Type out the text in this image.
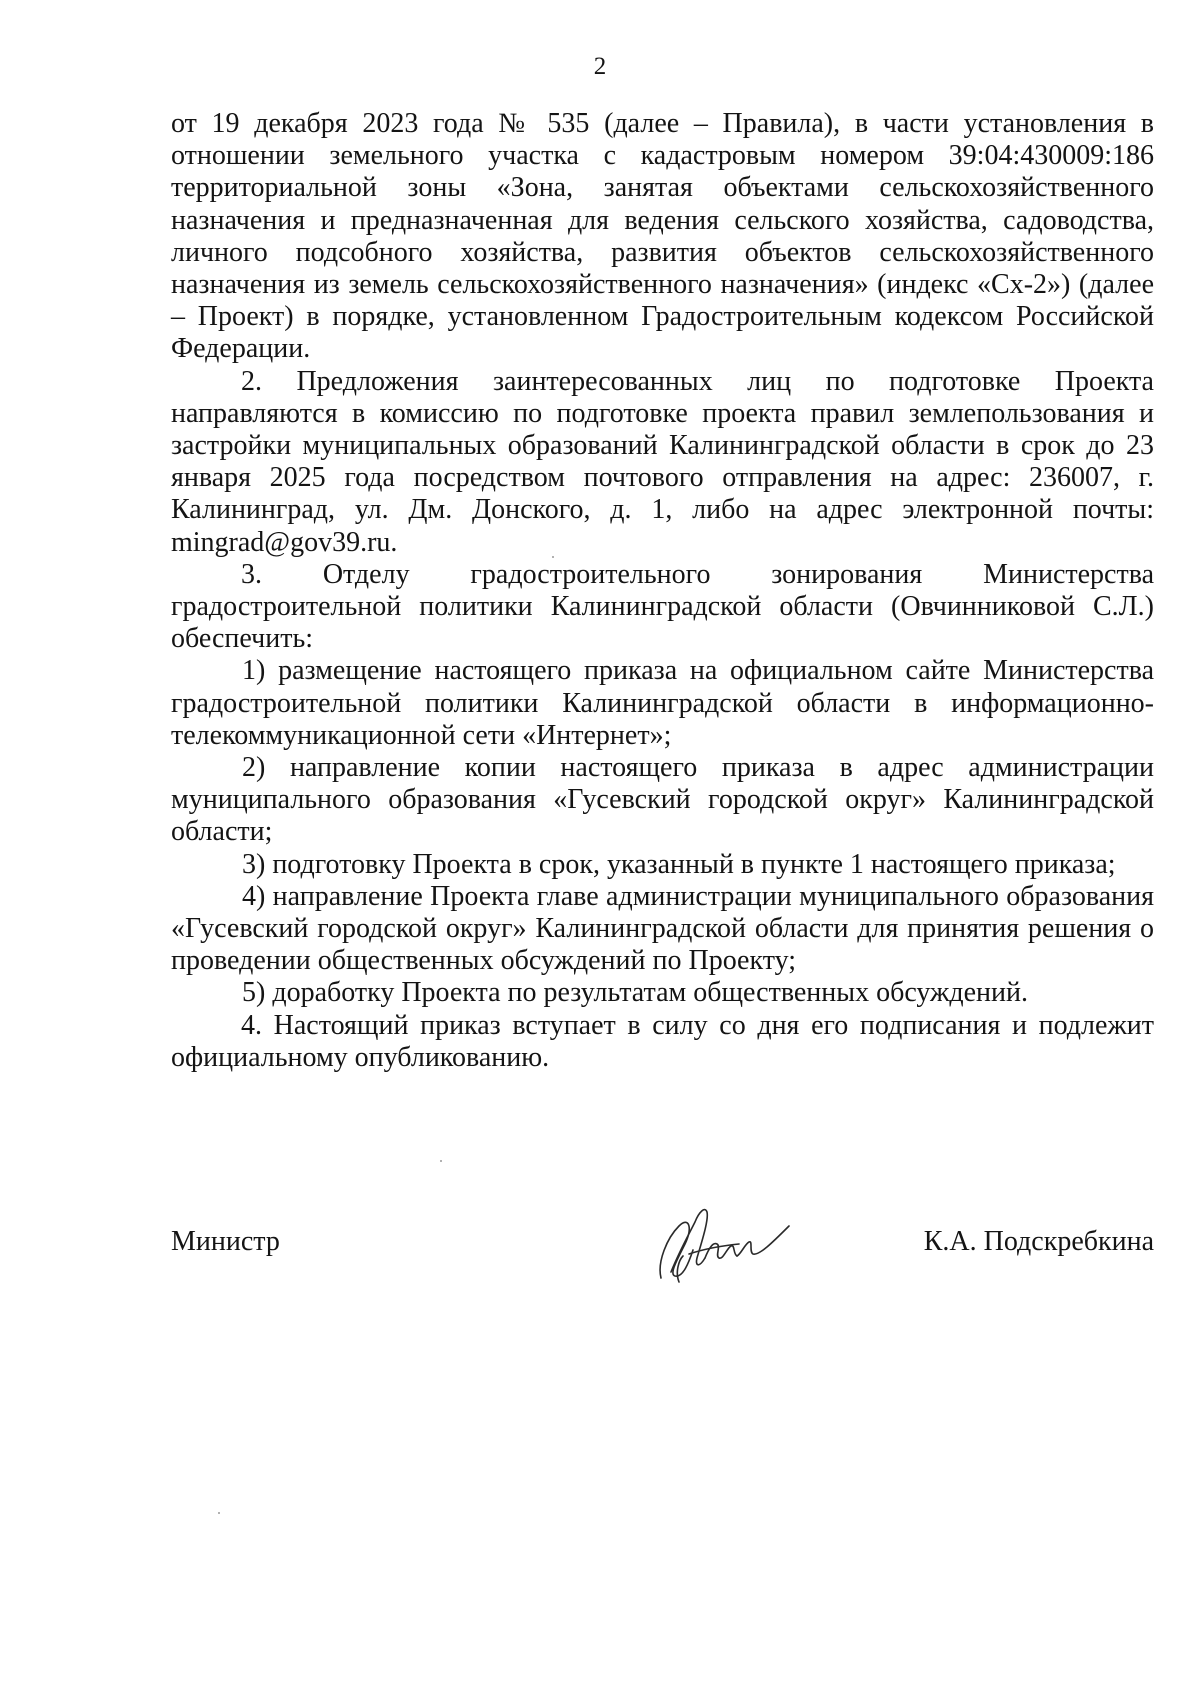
2

от 19 декабря 2023 года № 535 (далее – Правила), в части установления в отношении земельного участка с кадастровым номером 39:04:430009:186 территориальной зоны «Зона, занятая объектами сельскохозяйственного назначения и предназначенная для ведения сельского хозяйства, садоводства, личного подсобного хозяйства, развития объектов сельскохозяйственного назначения из земель сельскохозяйственного назначения» (индекс «Сх-2») (далее – Проект) в порядке, установленном Градостроительным кодексом Российской Федерации.

2. Предложения заинтересованных лиц по подготовке Проекта направляются в комиссию по подготовке проекта правил землепользования и застройки муниципальных образований Калининградской области в срок до 23 января 2025 года посредством почтового отправления на адрес: 236007, г. Калининград, ул. Дм. Донского, д. 1, либо на адрес электронной почты: mingrad@gov39.ru.

3. Отделу градостроительного зонирования Министерства градостроительной политики Калининградской области (Овчинниковой С.Л.) обеспечить:

1) размещение настоящего приказа на официальном сайте Министерства градостроительной политики Калининградской области в информационно-телекоммуникационной сети «Интернет»;

2) направление копии настоящего приказа в адрес администрации муниципального образования «Гусевский городской округ» Калининградской области;

3) подготовку Проекта в срок, указанный в пункте 1 настоящего приказа;

4) направление Проекта главе администрации муниципального образования «Гусевский городской округ» Калининградской области для принятия решения о проведении общественных обсуждений по Проекту;

5) доработку Проекта по результатам общественных обсуждений.

4. Настоящий приказ вступает в силу со дня его подписания и подлежит официальному опубликованию.

Министр	К.А. Подскребкина
